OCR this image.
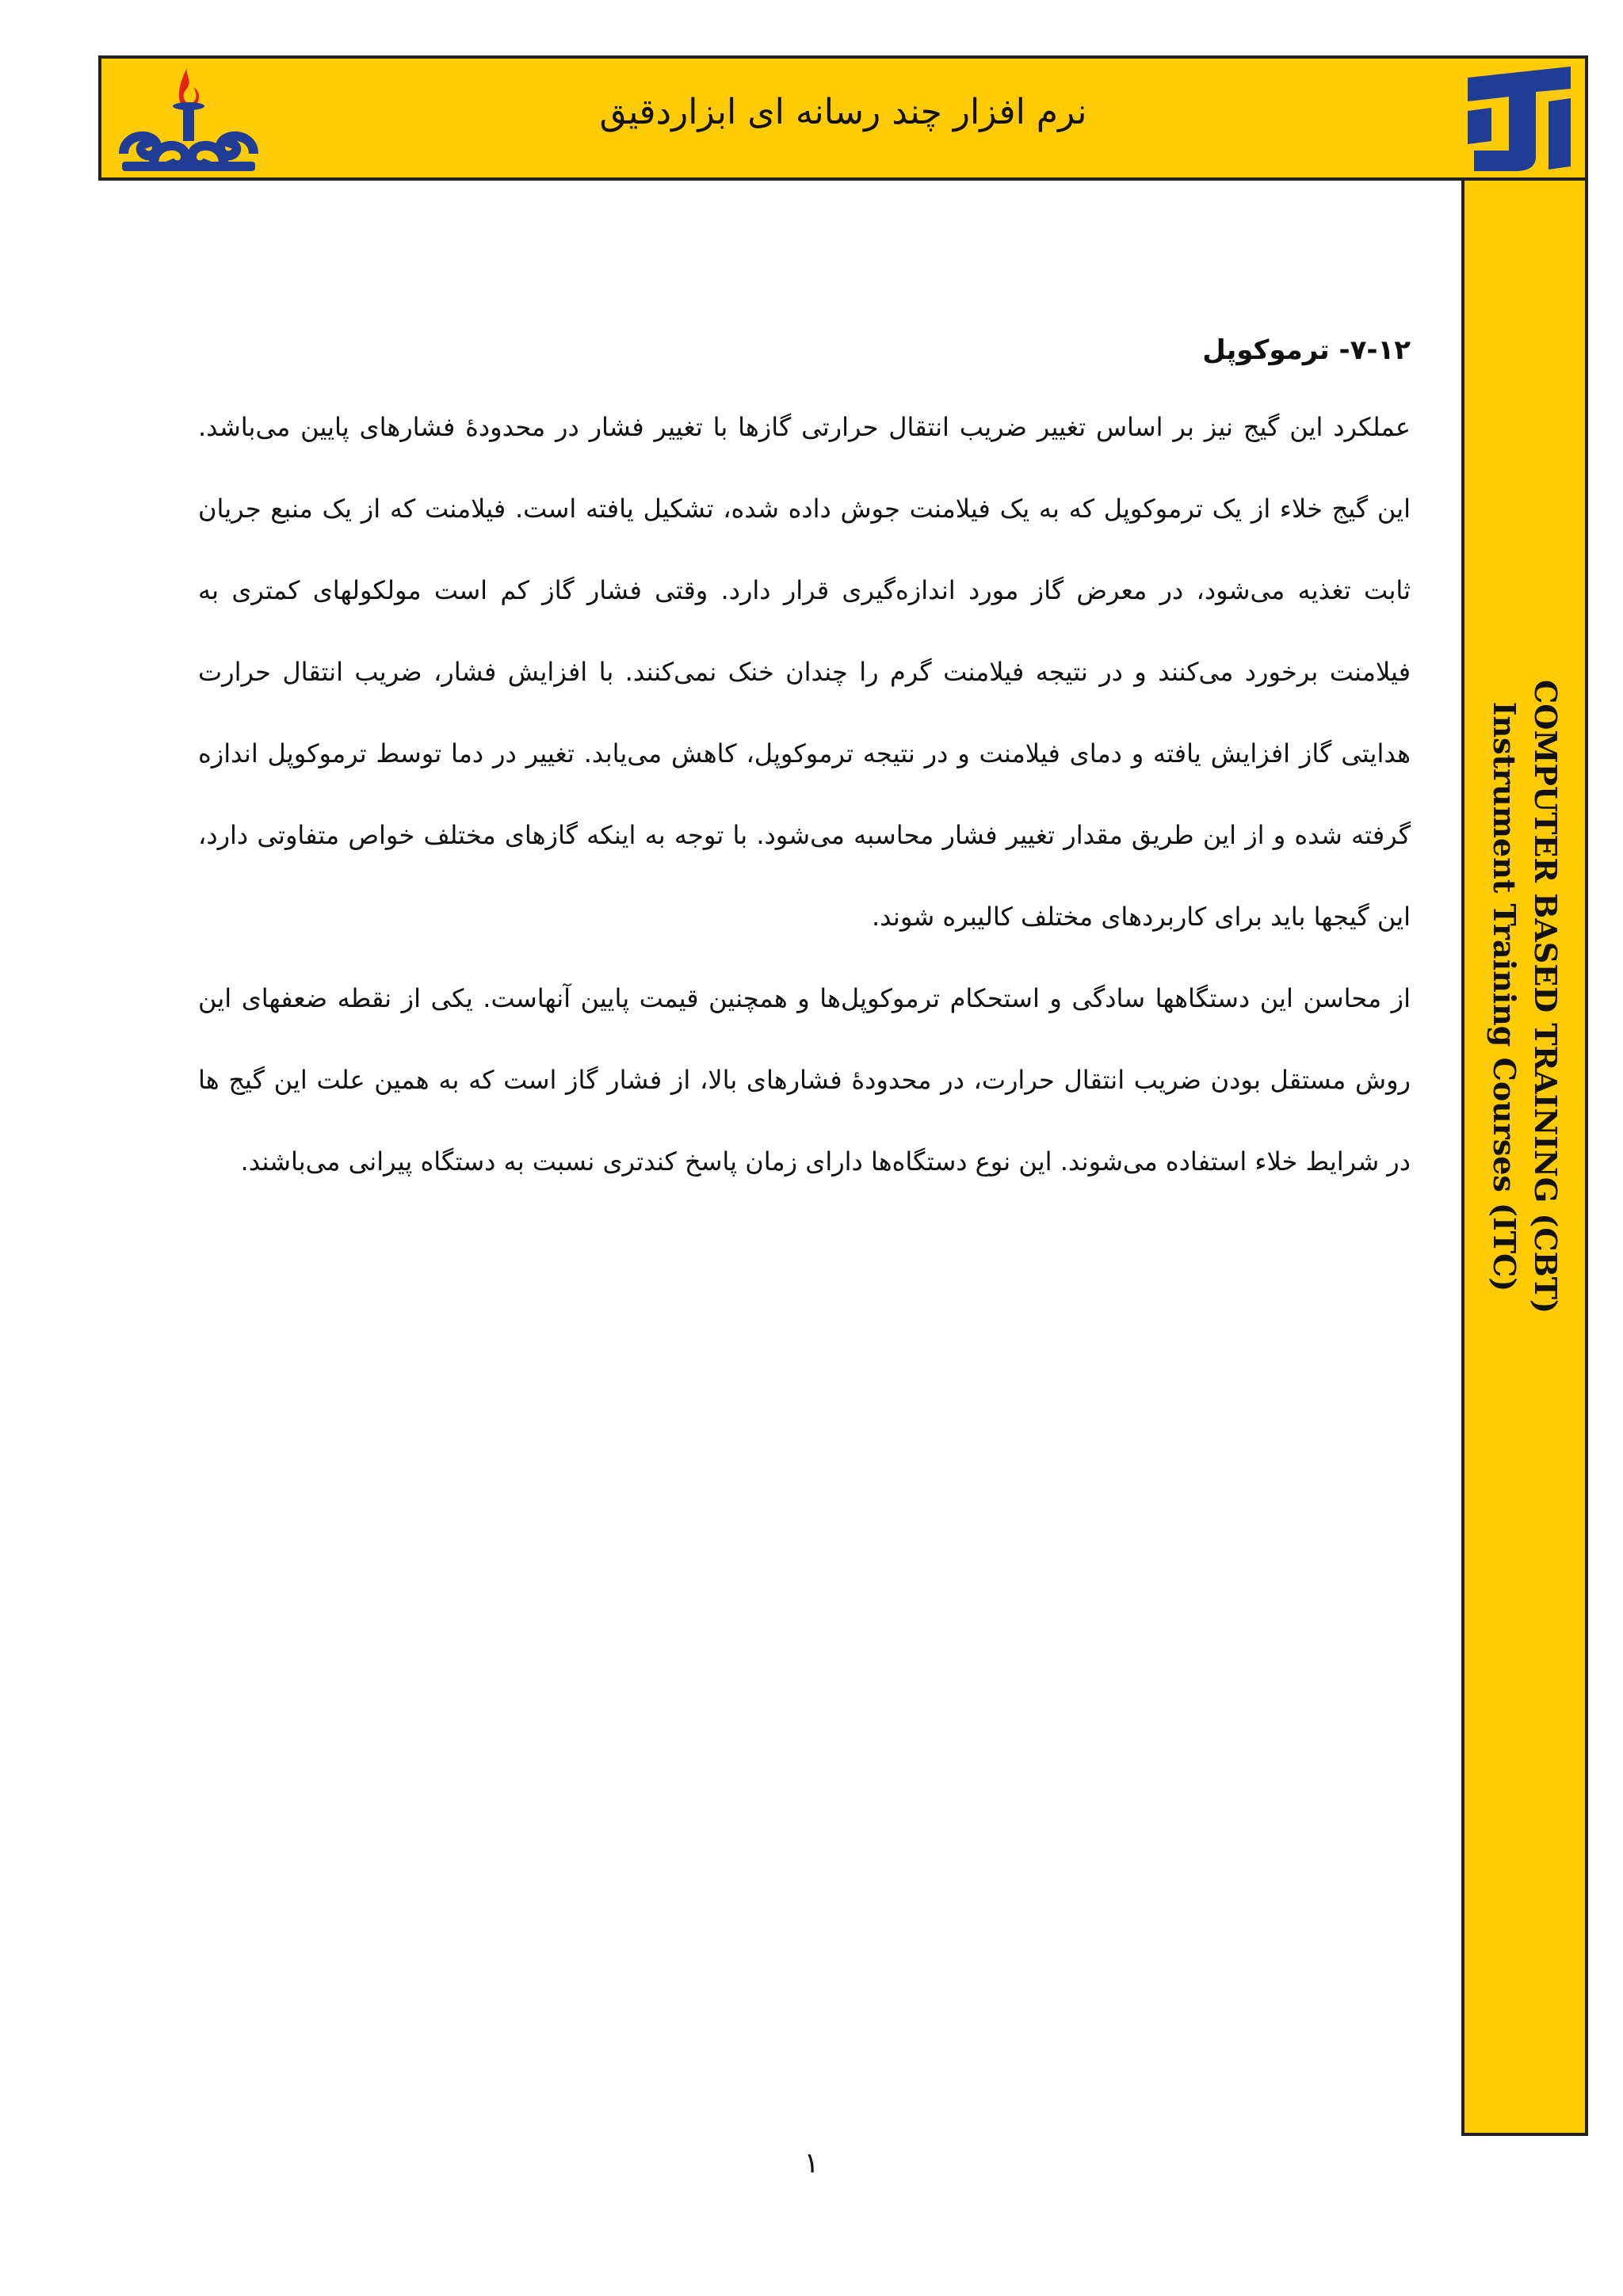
نرم افزار چند رسانه ای ابزاردقیق
COMPUTER BASED TRAINING (CBT)
Instrument Training Courses (ITC)
۷-۱۲- ترموکوپل

عملکرد این گیج نیز بر اساس تغییر ضریب انتقال حرارتی گازها با تغییر فشار در محدودهٔ فشارهای پایین می‌باشد. این گیج خلاء از یک ترموکوپل که به یک فیلامنت جوش داده شده، تشکیل یافته است. فیلامنت که از یک منبع جریان ثابت تغذیه می‌شود، در معرض گاز مورد اندازه‌گیری قرار دارد. وقتی فشار گاز کم است مولکولهای کمتری به فیلامنت برخورد می‌کنند و در نتیجه فیلامنت گرم را چندان خنک نمی‌کنند. با افزایش فشار، ضریب انتقال حرارت هدایتی گاز افزایش یافته و دمای فیلامنت و در نتیجه ترموکوپل، کاهش می‌یابد. تغییر در دما توسط ترموکوپل اندازه گرفته شده و از این طریق مقدار تغییر فشار محاسبه می‌شود. با توجه به اینکه گازهای مختلف خواص متفاوتی دارد، این گیجها باید برای کاربردهای مختلف کالیبره شوند.

از محاسن این دستگاهها سادگی و استحکام ترموکوپل‌ها و همچنین قیمت پایین آنهاست. یکی از نقطه ضعفهای این روش مستقل بودن ضریب انتقال حرارت، در محدودهٔ فشارهای بالا، از فشار گاز است که به همین علت این گیج ها در شرایط خلاء استفاده می‌شوند. این نوع دستگاه‌ها دارای زمان پاسخ کندتری نسبت به دستگاه پیرانی می‌باشند.

۱
